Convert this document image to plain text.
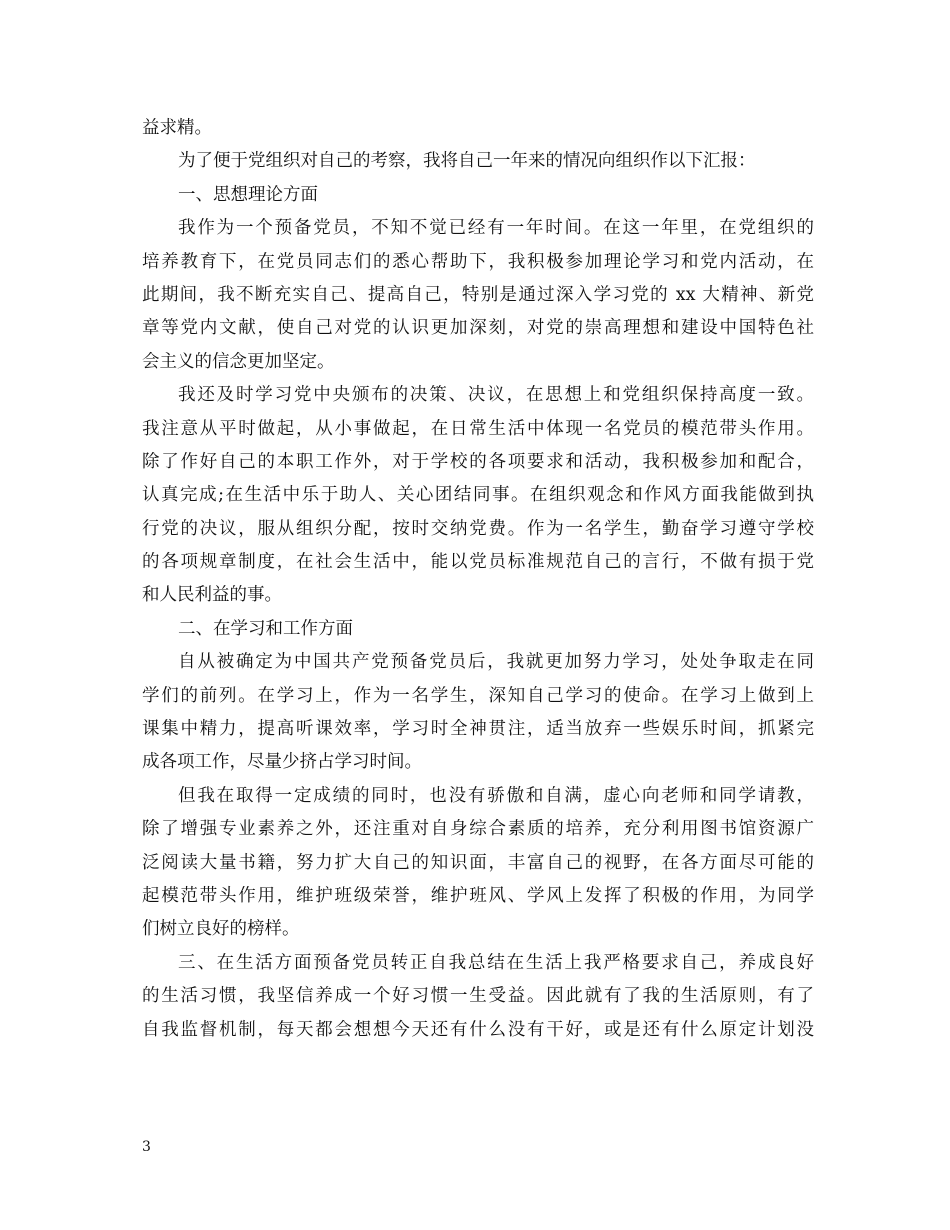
益求精。
为了便于党组织对自己的考察，我将自己一年来的情况向组织作以下汇报：
一、思想理论方面
我作为一个预备党员，不知不觉已经有一年时间。在这一年里，在党组织的
培养教育下，在党员同志们的悉心帮助下，我积极参加理论学习和党内活动，在
此期间，我不断充实自己、提高自己，特别是通过深入学习党的 xx 大精神、新党
章等党内文献，使自己对党的认识更加深刻，对党的崇高理想和建设中国特色社
会主义的信念更加坚定。
我还及时学习党中央颁布的决策、决议，在思想上和党组织保持高度一致。
我注意从平时做起，从小事做起，在日常生活中体现一名党员的模范带头作用。
除了作好自己的本职工作外，对于学校的各项要求和活动，我积极参加和配合，
认真完成;在生活中乐于助人、关心团结同事。在组织观念和作风方面我能做到执
行党的决议，服从组织分配，按时交纳党费。作为一名学生，勤奋学习遵守学校
的各项规章制度，在社会生活中，能以党员标准规范自己的言行，不做有损于党
和人民利益的事。
二、在学习和工作方面
自从被确定为中国共产党预备党员后，我就更加努力学习，处处争取走在同
学们的前列。在学习上，作为一名学生，深知自己学习的使命。在学习上做到上
课集中精力，提高听课效率，学习时全神贯注，适当放弃一些娱乐时间，抓紧完
成各项工作，尽量少挤占学习时间。
但我在取得一定成绩的同时，也没有骄傲和自满，虚心向老师和同学请教，
除了增强专业素养之外，还注重对自身综合素质的培养，充分利用图书馆资源广
泛阅读大量书籍，努力扩大自己的知识面，丰富自己的视野，在各方面尽可能的
起模范带头作用，维护班级荣誉，维护班风、学风上发挥了积极的作用，为同学
们树立良好的榜样。
三、在生活方面预备党员转正自我总结在生活上我严格要求自己，养成良好
的生活习惯，我坚信养成一个好习惯一生受益。因此就有了我的生活原则，有了
自我监督机制，每天都会想想今天还有什么没有干好，或是还有什么原定计划没
3
